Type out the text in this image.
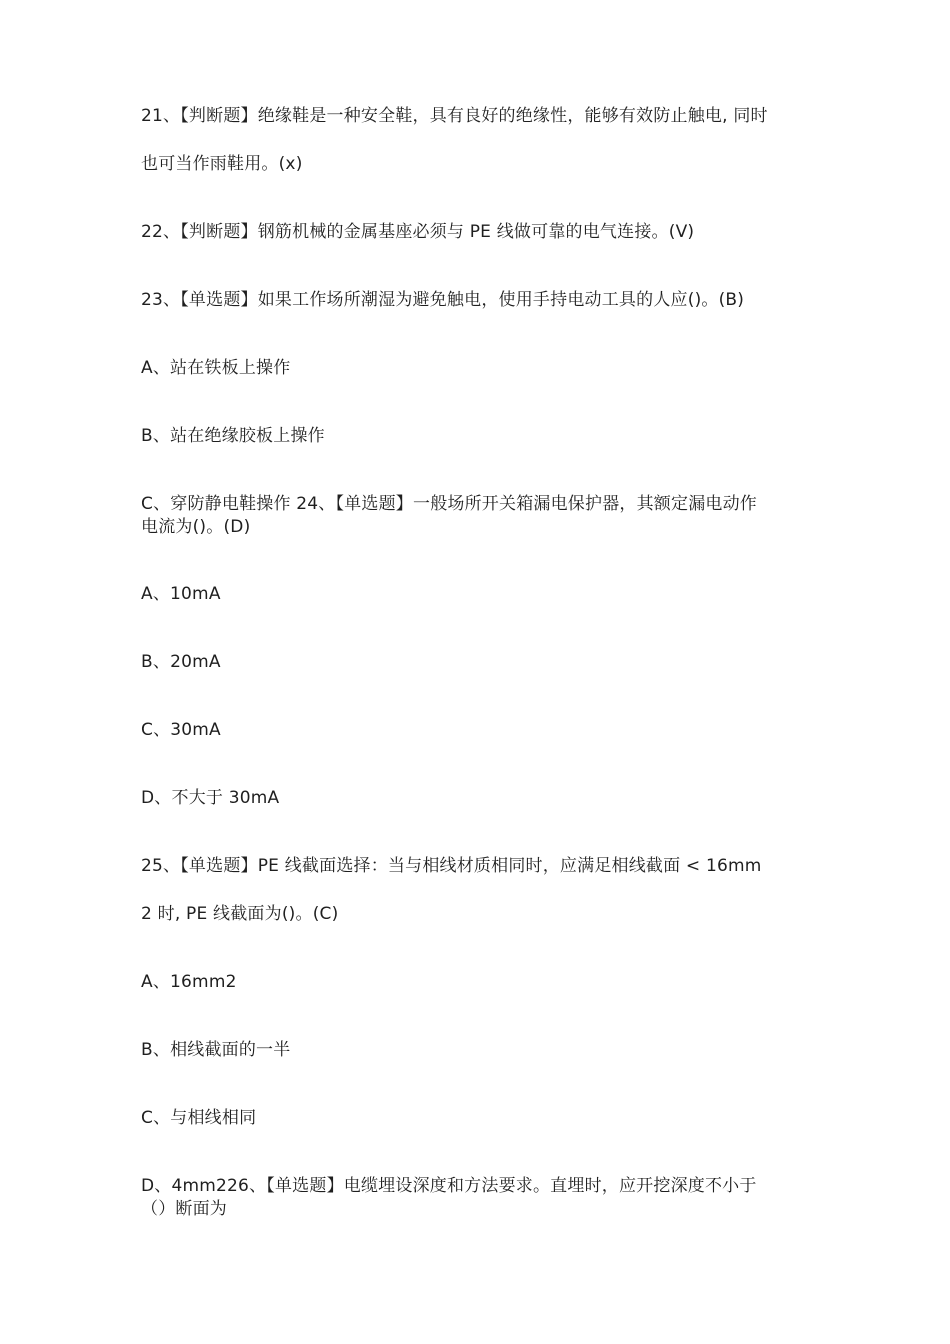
21、【判断题】绝缘鞋是一种安全鞋，具有良好的绝缘性，能够有效防止触电, 同时
也可当作雨鞋用。(x)
22、【判断题】钢筋机械的金属基座必须与 PE 线做可靠的电气连接。(V)
23、【单选题】如果工作场所潮湿为避免触电，使用手持电动工具的人应()。(B)
A、站在铁板上操作
B、站在绝缘胶板上操作
C、穿防静电鞋操作 24、【单选题】一般场所开关箱漏电保护器，其额定漏电动作
电流为()。(D)
A、10mA
B、20mA
C、30mA
D、不大于 30mA
25、【单选题】PE 线截面选择：当与相线材质相同时，应满足相线截面 < 16mm
2 时, PE 线截面为()。(C)
A、16mm2
B、相线截面的一半
C、与相线相同
D、4mm226、【单选题】电缆埋设深度和方法要求。直埋时，应开挖深度不小于
（）断面为
